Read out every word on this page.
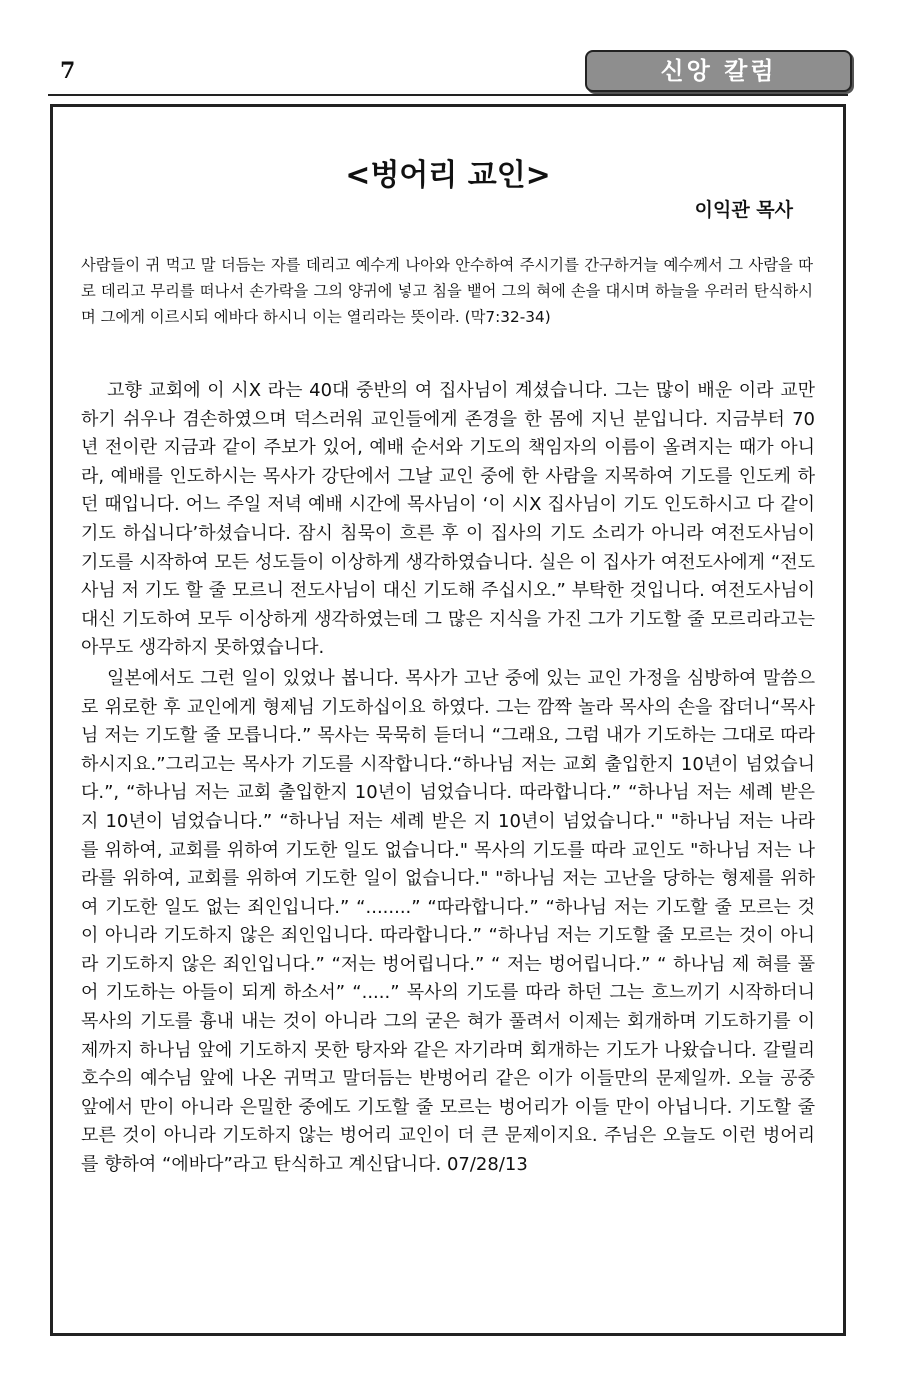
7	신앙 칼럼
<벙어리 교인>
이익관 목사
사람들이 귀 먹고 말 더듬는 자를 데리고 예수게 나아와 안수하여 주시기를 간구하거늘 예수께서 그 사람을 따로 데리고 무리를 떠나서 손가락을 그의 양귀에 넣고 침을 뱉어 그의 혀에 손을 대시며 하늘을 우러러 탄식하시며 그에게 이르시되 에바다 하시니 이는 열리라는 뜻이라. (막7:32-34)

고향 교회에 이 시X 라는 40대 중반의 여 집사님이 계셨습니다. 그는 많이 배운 이라 교만하기 쉬우나 겸손하였으며 덕스러워 교인들에게 존경을 한 몸에 지닌 분입니다. 지금부터 70년 전이란 지금과 같이 주보가 있어, 예배 순서와 기도의 책임자의 이름이 올려지는 때가 아니라, 예배를 인도하시는 목사가 강단에서 그날 교인 중에 한 사람을 지목하여 기도를 인도케 하던 때입니다. 어느 주일 저녁 예배 시간에 목사님이 ‘이 시X 집사님이 기도 인도하시고 다 같이 기도 하십니다’하셨습니다. 잠시 침묵이 흐른 후 이 집사의 기도 소리가 아니라 여전도사님이 기도를 시작하여 모든 성도들이 이상하게 생각하였습니다. 실은 이 집사가 여전도사에게 “전도사님 저 기도 할 줄 모르니 전도사님이 대신 기도해 주십시오.” 부탁한 것입니다. 여전도사님이 대신 기도하여 모두 이상하게 생각하였는데 그 많은 지식을 가진 그가 기도할 줄 모르리라고는 아무도 생각하지 못하였습니다.

일본에서도 그런 일이 있었나 봅니다. 목사가 고난 중에 있는 교인 가정을 심방하여 말씀으로 위로한 후 교인에게 형제님 기도하십이요 하였다. 그는 깜짝 놀라 목사의 손을 잡더니“목사님 저는 기도할 줄 모릅니다.” 목사는 묵묵히 듣더니 “그래요, 그럼 내가 기도하는 그대로 따라 하시지요.”그리고는 목사가 기도를 시작합니다.“하나님 저는 교회 출입한지 10년이 넘었습니다.”, “하나님 저는 교회 출입한지 10년이 넘었습니다. 따라합니다.” “하나님 저는 세례 받은 지 10년이 넘었습니다.” “하나님 저는 세례 받은 지 10년이 넘었습니다." "하나님 저는 나라를 위하여, 교회를 위하여 기도한 일도 없습니다." 목사의 기도를 따라 교인도 "하나님 저는 나라를 위하여, 교회를 위하여 기도한 일이 없습니다." "하나님 저는 고난을 당하는 형제를 위하여 기도한 일도 없는 죄인입니다.” “........” “따라합니다.” “하나님 저는 기도할 줄 모르는 것이 아니라 기도하지 않은 죄인입니다. 따라합니다.” “하나님 저는 기도할 줄 모르는 것이 아니라 기도하지 않은 죄인입니다.” “저는 벙어립니다.” “ 저는 벙어립니다.” “ 하나님 제 혀를 풀어 기도하는 아들이 되게 하소서” “.....” 목사의 기도를 따라 하던 그는 흐느끼기 시작하더니 목사의 기도를 흉내 내는 것이 아니라 그의 굳은 혀가 풀려서 이제는 회개하며 기도하기를 이제까지 하나님 앞에 기도하지 못한 탕자와 같은 자기라며 회개하는 기도가 나왔습니다. 갈릴리 호수의 예수님 앞에 나온 귀먹고 말더듬는 반벙어리 같은 이가 이들만의 문제일까. 오늘 공중 앞에서 만이 아니라 은밀한 중에도 기도할 줄 모르는 벙어리가 이들 만이 아닙니다. 기도할 줄 모른 것이 아니라 기도하지 않는 벙어리 교인이 더 큰 문제이지요. 주님은 오늘도 이런 벙어리를 향하여 “에바다”라고 탄식하고 계신답니다. 07/28/13
